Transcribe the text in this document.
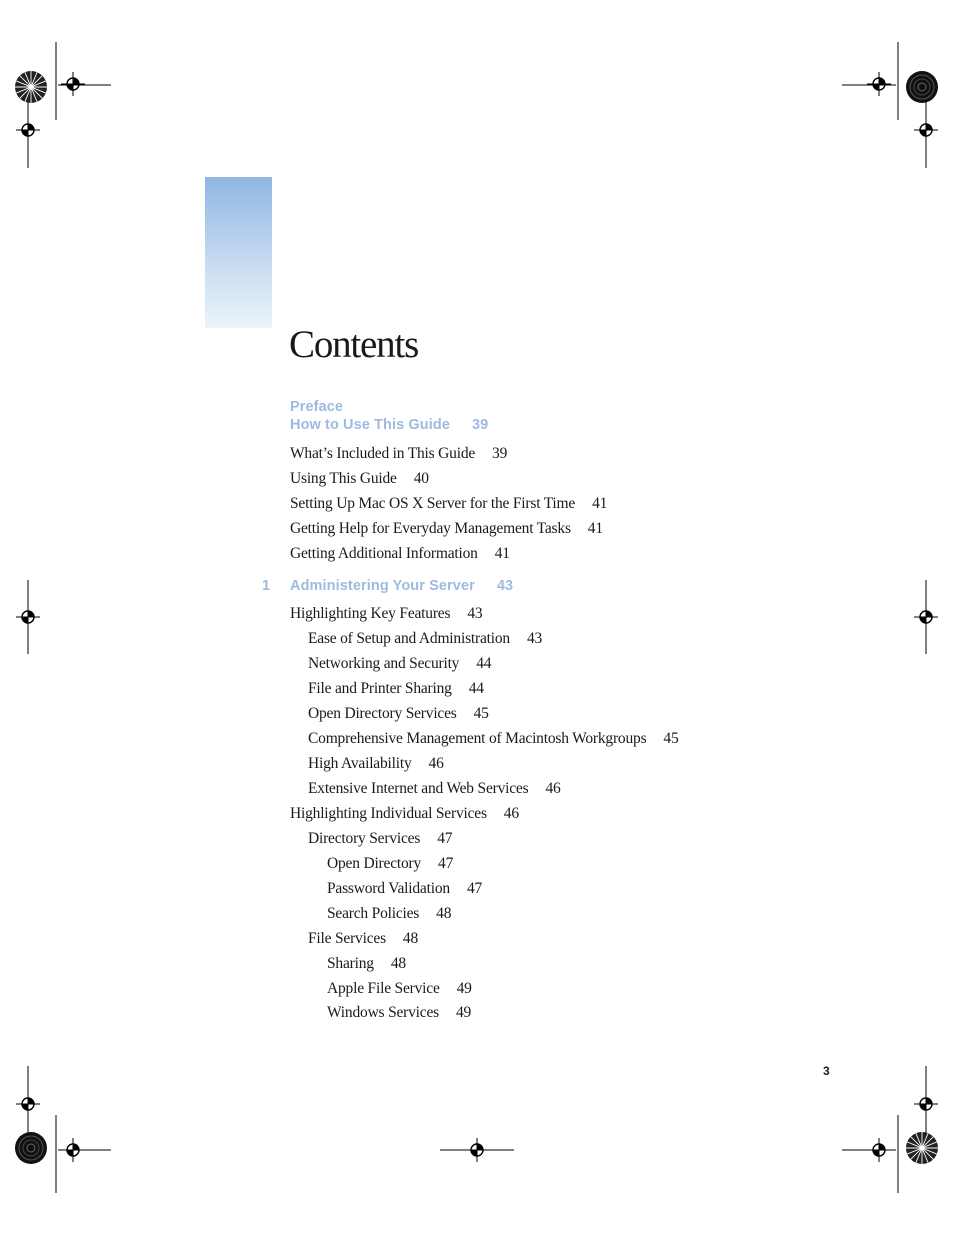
Contents
Preface
How to Use This Guide 39
What’s Included in This Guide 39
Using This Guide 40
Setting Up Mac OS X Server for the First Time 41
Getting Help for Everyday Management Tasks 41
Getting Additional Information 41
1 Administering Your Server 43
Highlighting Key Features 43
Ease of Setup and Administration 43
Networking and Security 44
File and Printer Sharing 44
Open Directory Services 45
Comprehensive Management of Macintosh Workgroups 45
High Availability 46
Extensive Internet and Web Services 46
Highlighting Individual Services 46
Directory Services 47
Open Directory 47
Password Validation 47
Search Policies 48
File Services 48
Sharing 48
Apple File Service 49
Windows Services 49
3
